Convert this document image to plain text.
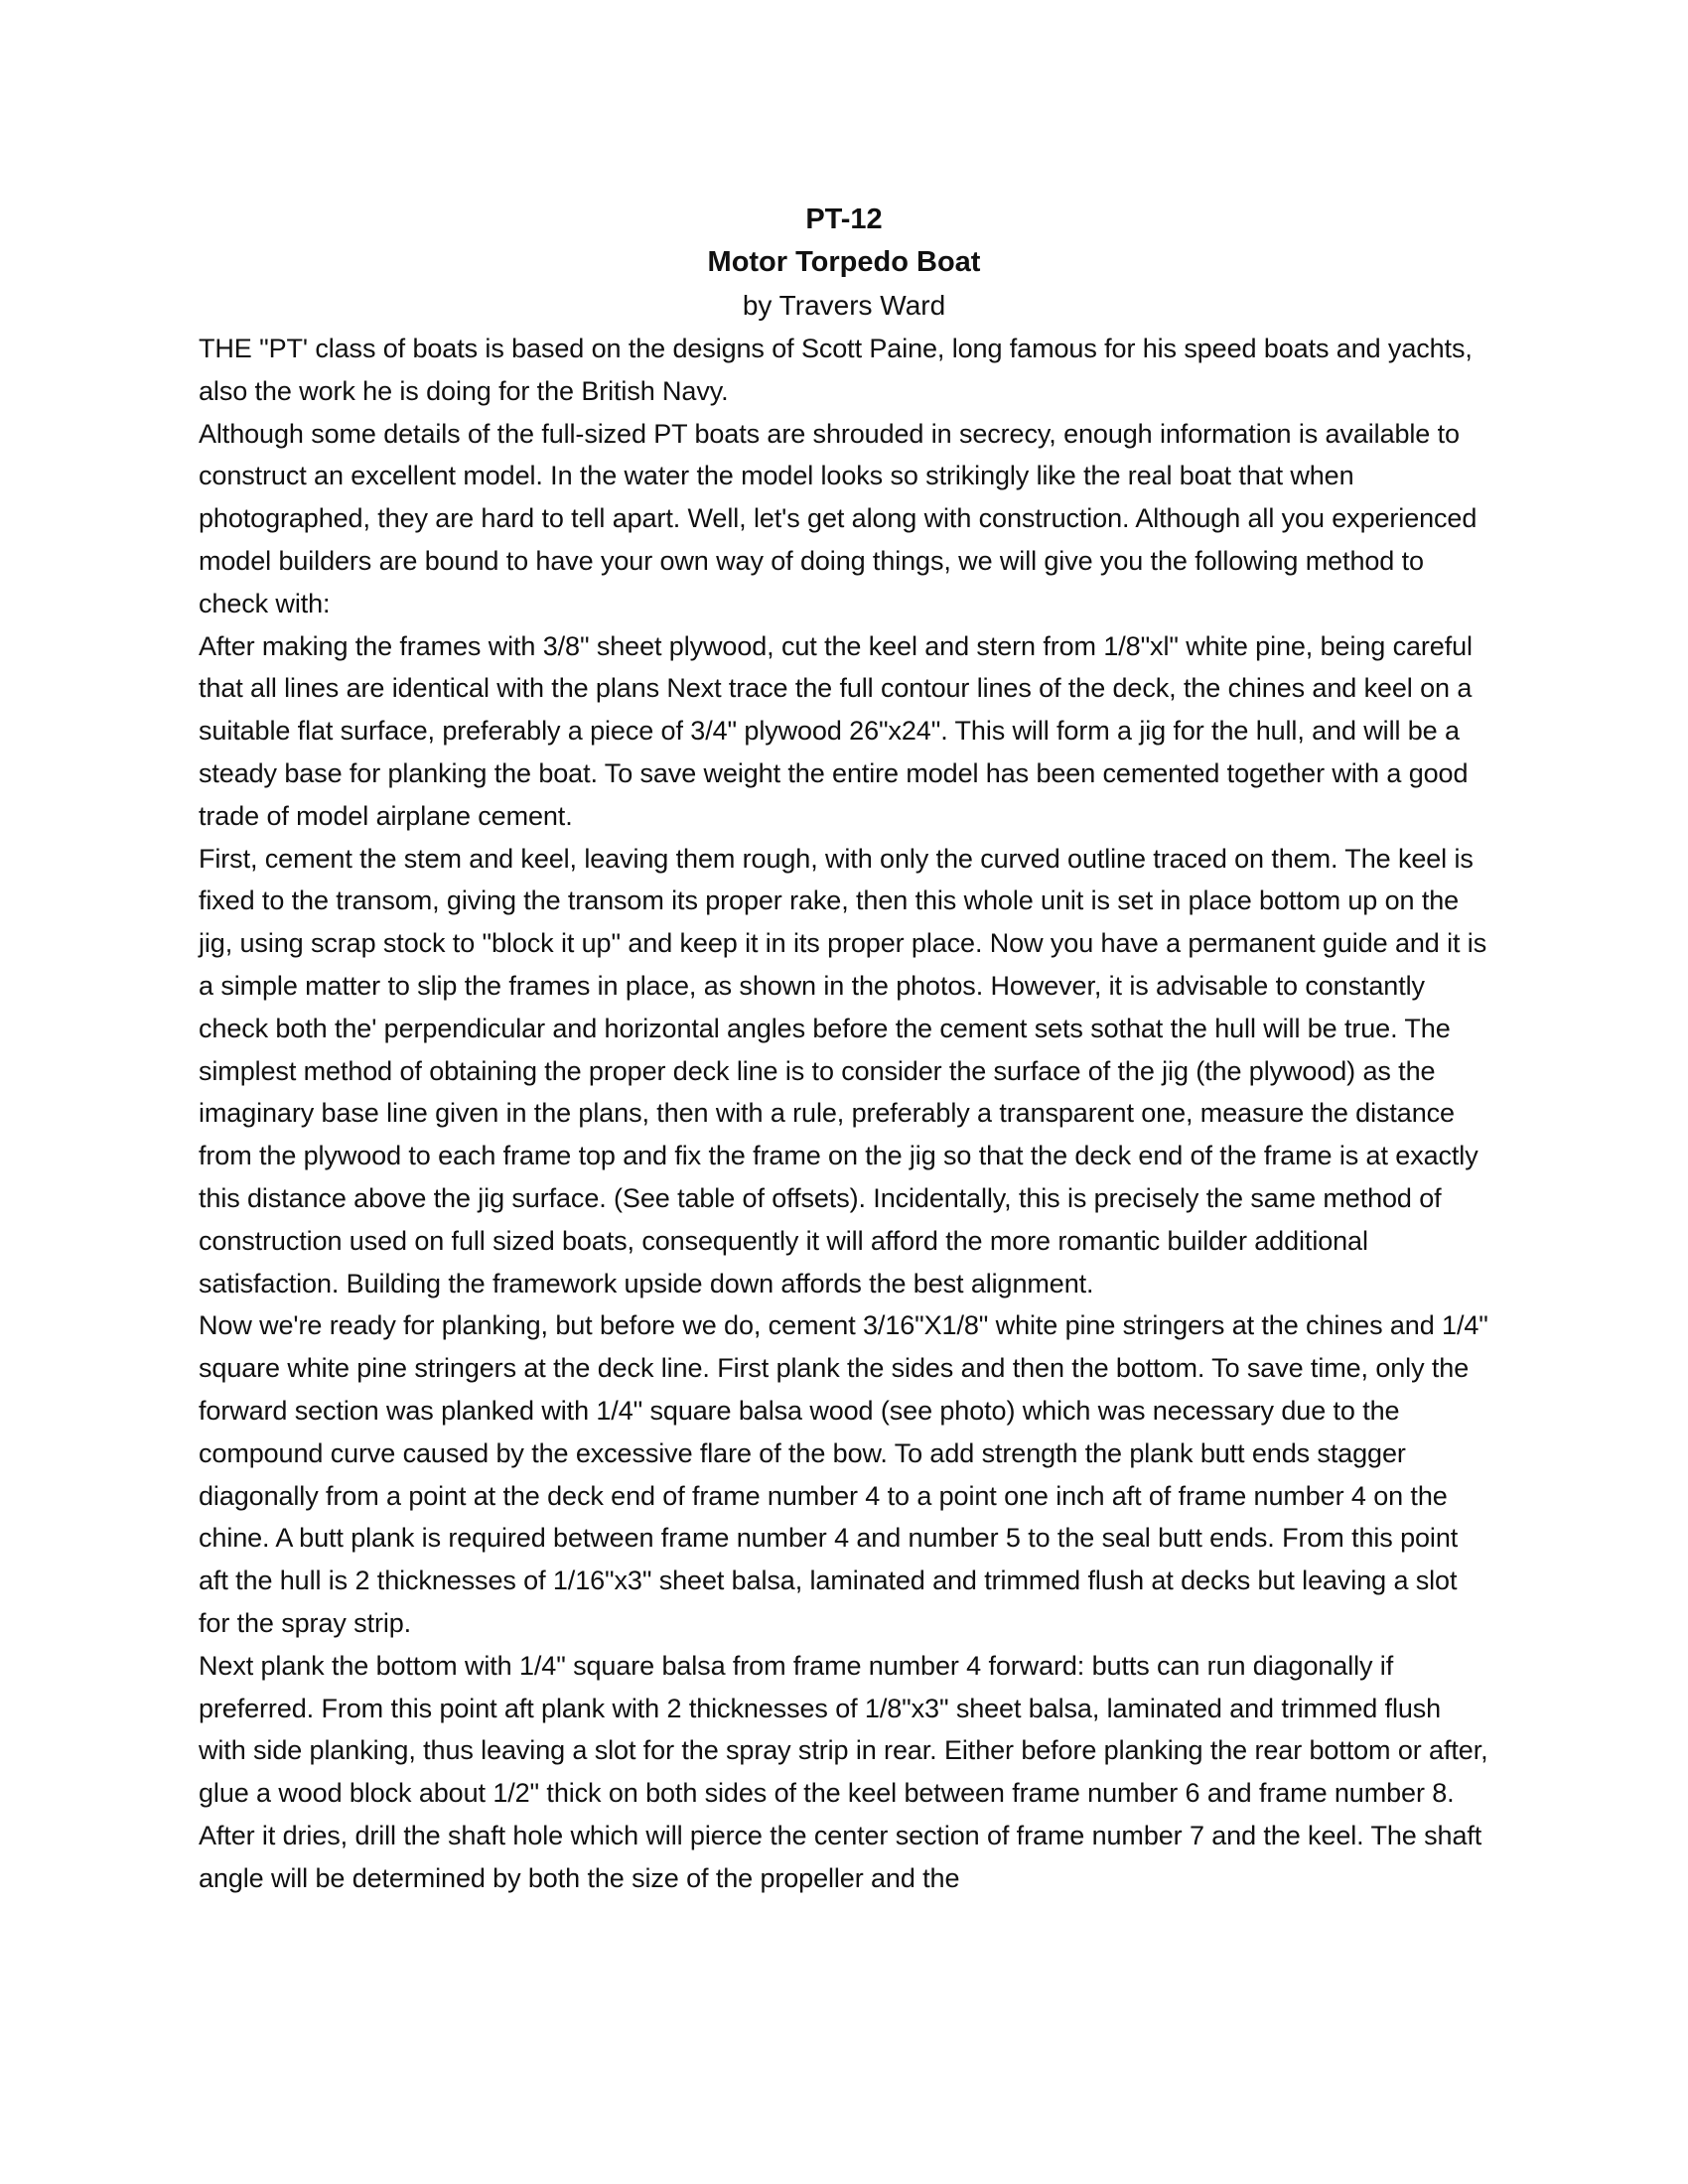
PT-12
Motor Torpedo Boat
by Travers Ward

THE "PT' class of boats is based on the designs of Scott Paine, long famous for his speed boats and yachts, also the work he is doing for the British Navy.

Although some details of the full-sized PT boats are shrouded in secrecy, enough information is available to construct an excellent model. In the water the model looks so strikingly like the real boat that when photographed, they are hard to tell apart. Well, let's get along with construction. Although all you experienced model builders are bound to have your own way of doing things, we will give you the following method to check with:

After making the frames with 3/8" sheet plywood, cut the keel and stern from 1/8"xl" white pine, being careful that all lines are identical with the plans Next trace the full contour lines of the deck, the chines and keel on a suitable flat surface, preferably a piece of 3/4" plywood 26"x24". This will form a jig for the hull, and will be a steady base for planking the boat. To save weight the entire model has been cemented together with a good trade of model airplane cement.

First, cement the stem and keel, leaving them rough, with only the curved outline traced on them. The keel is fixed to the transom, giving the transom its proper rake, then this whole unit is set in place bottom up on the jig, using scrap stock to "block it up" and keep it in its proper place. Now you have a permanent guide and it is a simple matter to slip the frames in place, as shown in the photos. However, it is advisable to constantly check both the' perpendicular and horizontal angles before the cement sets sothat the hull will be true. The simplest method of obtaining the proper deck line is to consider the surface of the jig (the plywood) as the imaginary base line given in the plans, then with a rule, preferably a transparent one, measure the distance from the plywood to each frame top and fix the frame on the jig so that the deck end of the frame is at exactly this distance above the jig surface. (See table of offsets). Incidentally, this is precisely the same method of construction used on full sized boats, consequently it will afford the more romantic builder additional satisfaction. Building the framework upside down affords the best alignment.

Now we're ready for planking, but before we do, cement 3/16"X1/8" white pine stringers at the chines and 1/4" square white pine stringers at the deck line. First plank the sides and then the bottom. To save time, only the forward section was planked with 1/4" square balsa wood (see photo) which was necessary due to the compound curve caused by the excessive flare of the bow. To add strength the plank butt ends stagger diagonally from a point at the deck end of frame number 4 to a point one inch aft of frame number 4 on the chine. A butt plank is required between frame number 4 and number 5 to the seal butt ends. From this point aft the hull is 2 thicknesses of 1/16"x3" sheet balsa, laminated and trimmed flush at decks but leaving a slot for the spray strip.

Next plank the bottom with 1/4" square balsa from frame number 4 forward: butts can run diagonally if preferred. From this point aft plank with 2 thicknesses of 1/8"x3" sheet balsa, laminated and trimmed flush with side planking, thus leaving a slot for the spray strip in rear. Either before planking the rear bottom or after, glue a wood block about 1/2" thick on both sides of the keel between frame number 6 and frame number 8. After it dries, drill the shaft hole which will pierce the center section of frame number 7 and the keel. The shaft angle will be determined by both the size of the propeller and the
